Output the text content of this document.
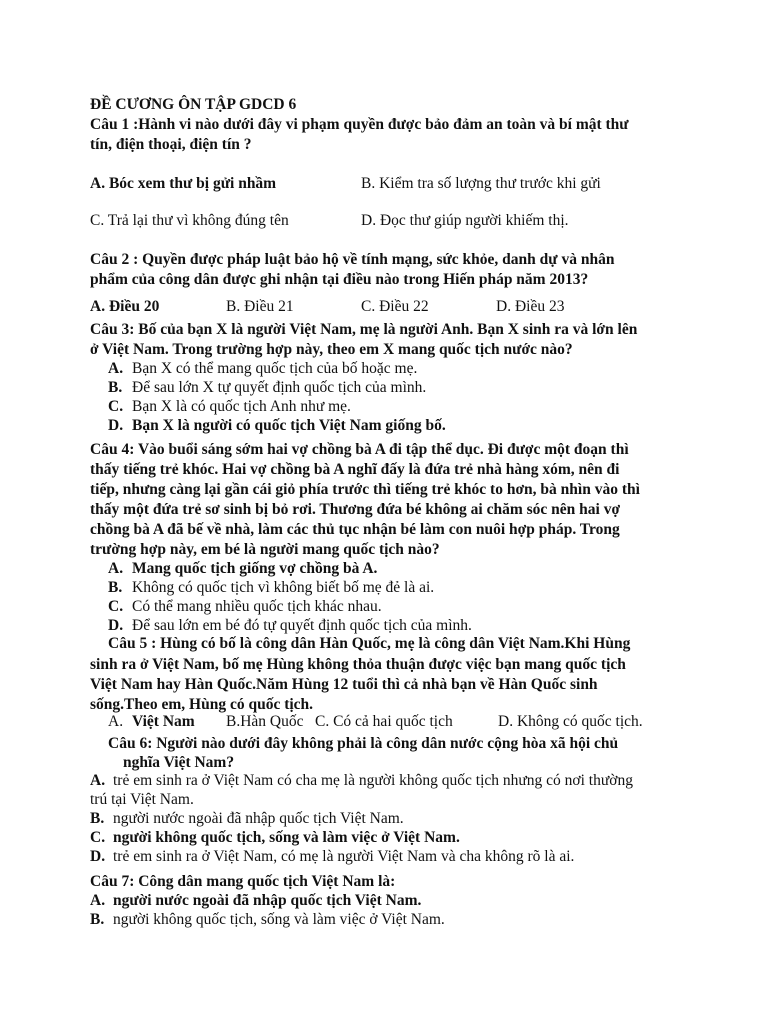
ĐỀ CƯƠNG ÔN TẬP GDCD 6
Câu 1 :Hành vi nào dưới đây vi phạm quyền được bảo đảm an toàn và bí mật thư
tín, điện thoại, điện tín ?
A. Bóc xem thư bị gửi nhầm	B. Kiểm tra số lượng thư trước khi gửi
C. Trả lại thư vì không đúng tên	D. Đọc thư giúp người khiếm thị.
Câu 2 : Quyền được pháp luật bảo hộ về tính mạng, sức khỏe, danh dự và nhân
phẩm của công dân được ghi nhận tại điều nào trong Hiến pháp năm 2013?
A. Điều 20	B. Điều 21	C. Điều 22	D. Điều 23
Câu 3: Bố của bạn X là người Việt Nam, mẹ là người Anh. Bạn X sinh ra và lớn lên
ở Việt Nam. Trong trường hợp này, theo em X mang quốc tịch nước nào?
A. Bạn X có thể mang quốc tịch của bố hoặc mẹ.
B. Để sau lớn X tự quyết định quốc tịch của mình.
C. Bạn X là có quốc tịch Anh như mẹ.
D. Bạn X là người có quốc tịch Việt Nam giống bố.
Câu 4: Vào buổi sáng sớm hai vợ chồng bà A đi tập thể dục. Đi được một đoạn thì
thấy tiếng trẻ khóc. Hai vợ chồng bà A nghĩ đấy là đứa trẻ nhà hàng xóm, nên đi
tiếp, nhưng càng lại gần cái giỏ phía trước thì tiếng trẻ khóc to hơn, bà nhìn vào thì
thấy một đứa trẻ sơ sinh bị bỏ rơi. Thương đứa bé không ai chăm sóc nên hai vợ
chồng bà A đã bế về nhà, làm các thủ tục nhận bé làm con nuôi hợp pháp. Trong
trường hợp này, em bé là người mang quốc tịch nào?
A. Mang quốc tịch giống vợ chồng bà A.
B. Không có quốc tịch vì không biết bố mẹ đẻ là ai.
C. Có thể mang nhiều quốc tịch khác nhau.
D. Để sau lớn em bé đó tự quyết định quốc tịch của mình.
Câu 5 : Hùng có bố là công dân Hàn Quốc, mẹ là công dân Việt Nam.Khi Hùng
sinh ra ở Việt Nam, bố mẹ Hùng không thỏa thuận được việc bạn mang quốc tịch
Việt Nam hay Hàn Quốc.Năm Hùng 12 tuổi thì cả nhà bạn về Hàn Quốc sinh
sống.Theo em, Hùng có quốc tịch.
A. Việt Nam B.Hàn Quốc C. Có cả hai quốc tịch	D. Không có quốc tịch.
Câu 6: Người nào dưới đây không phải là công dân nước cộng hòa xã hội chủ
nghĩa Việt Nam?
A. trẻ em sinh ra ở Việt Nam có cha mẹ là người không quốc tịch nhưng có nơi thường
trú tại Việt Nam.
B. người nước ngoài đã nhập quốc tịch Việt Nam.
C. người không quốc tịch, sống và làm việc ở Việt Nam.
D. trẻ em sinh ra ở Việt Nam, có mẹ là người Việt Nam và cha không rõ là ai.
Câu 7: Công dân mang quốc tịch Việt Nam là:
A. người nước ngoài đã nhập quốc tịch Việt Nam.
B. người không quốc tịch, sống và làm việc ở Việt Nam.
